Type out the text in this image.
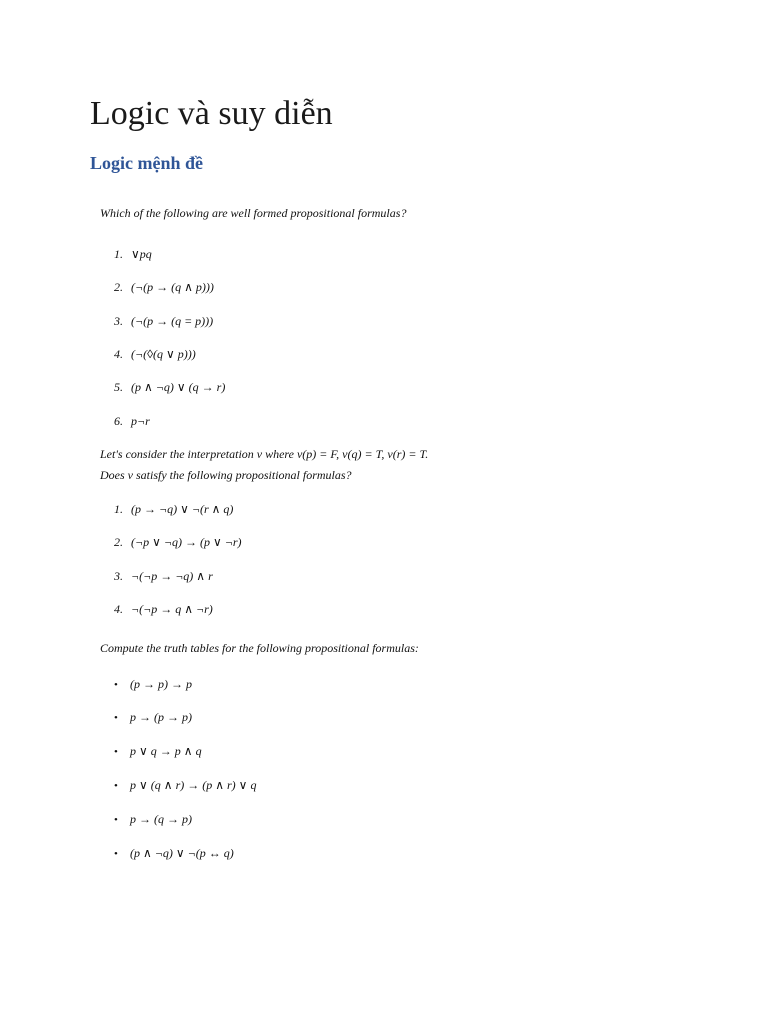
Logic và suy diễn
Logic mệnh đề

Which of the following are well formed propositional formulas?

1. ∨pq
2. (¬(p → (q ∧ p)))
3. (¬(p → (q = p)))
4. (¬(◊(q ∨ p)))
5. (p ∧ ¬q) ∨ (q → r)
6. p¬r

Let's consider the interpretation v where v(p) = F, v(q) = T, v(r) = T.
Does v satisfy the following propositional formulas?

1. (p → ¬q) ∨ ¬(r ∧ q)
2. (¬p ∨ ¬q) → (p ∨ ¬r)
3. ¬(¬p → ¬q) ∧ r
4. ¬(¬p → q ∧ ¬r)

Compute the truth tables for the following propositional formulas:

• (p → p) → p
• p → (p → p)
• p ∨ q → p ∧ q
• p ∨ (q ∧ r) → (p ∧ r) ∨ q
• p → (q → p)
• (p ∧ ¬q) ∨ ¬(p ↔ q)
